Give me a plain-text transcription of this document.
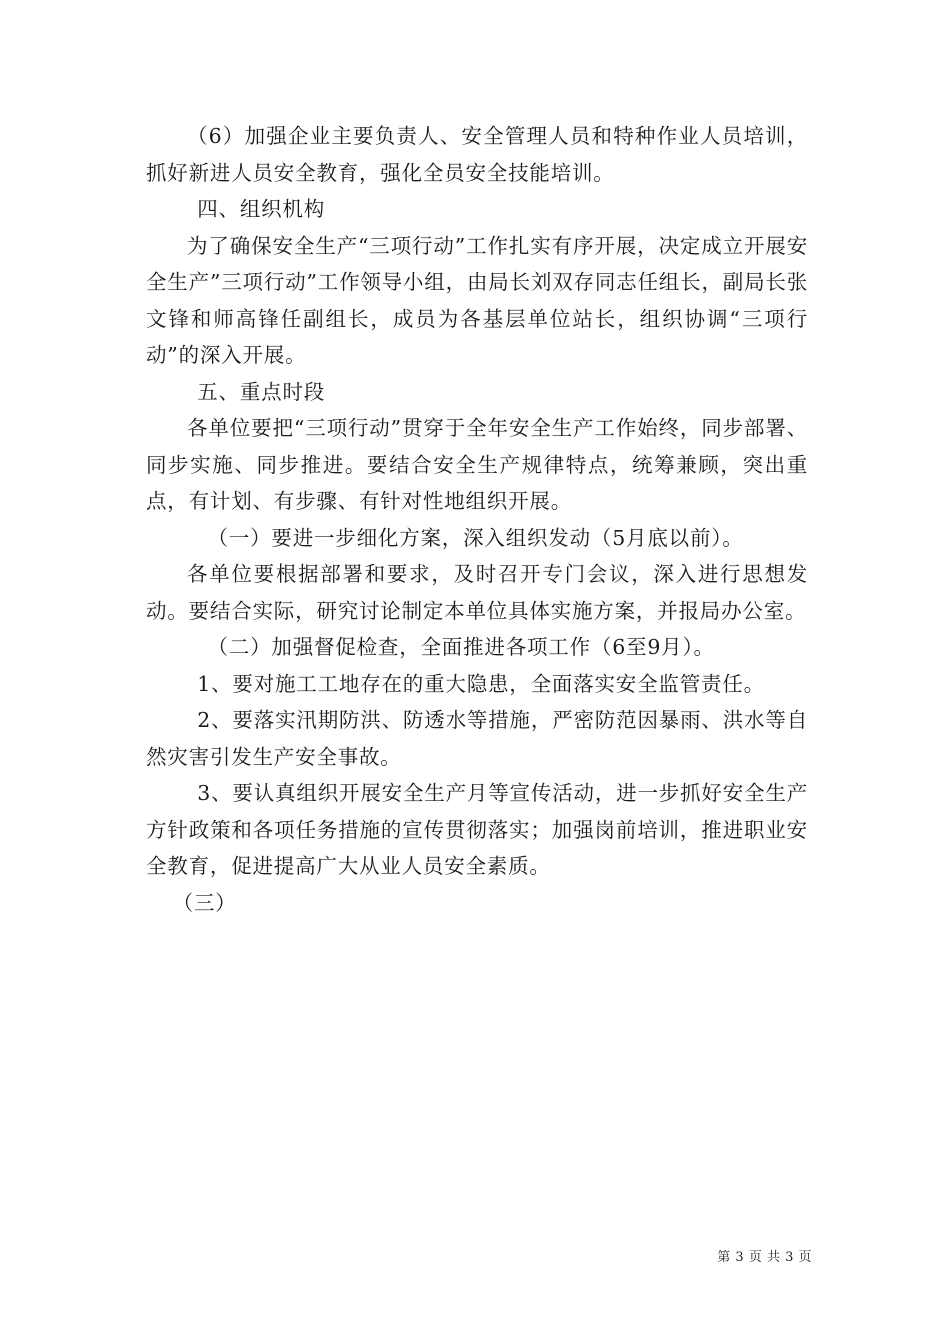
（6）加强企业主要负责人、安全管理人员和特种作业人员培训，抓好新进人员安全教育，强化全员安全技能培训。

四、组织机构

为了确保安全生产“三项行动”工作扎实有序开展，决定成立开展安全生产”三项行动”工作领导小组，由局长刘双存同志任组长，副局长张文锋和师高锋任副组长，成员为各基层单位站长，组织协调“三项行动”的深入开展。

五、重点时段

各单位要把“三项行动”贯穿于全年安全生产工作始终，同步部署、同步实施、同步推进。要结合安全生产规律特点，统筹兼顾，突出重点，有计划、有步骤、有针对性地组织开展。

（一）要进一步细化方案，深入组织发动（5月底以前）。

各单位要根据部署和要求，及时召开专门会议，深入进行思想发动。要结合实际，研究讨论制定本单位具体实施方案，并报局办公室。

（二）加强督促检查，全面推进各项工作（6至9月）。

1、要对施工工地存在的重大隐患，全面落实安全监管责任。

2、要落实汛期防洪、防透水等措施，严密防范因暴雨、洪水等自然灾害引发生产安全事故。

3、要认真组织开展安全生产月等宣传活动，进一步抓好安全生产方针政策和各项任务措施的宣传贯彻落实；加强岗前培训，推进职业安全教育，促进提高广大从业人员安全素质。

（三）

第 3 页 共 3 页
